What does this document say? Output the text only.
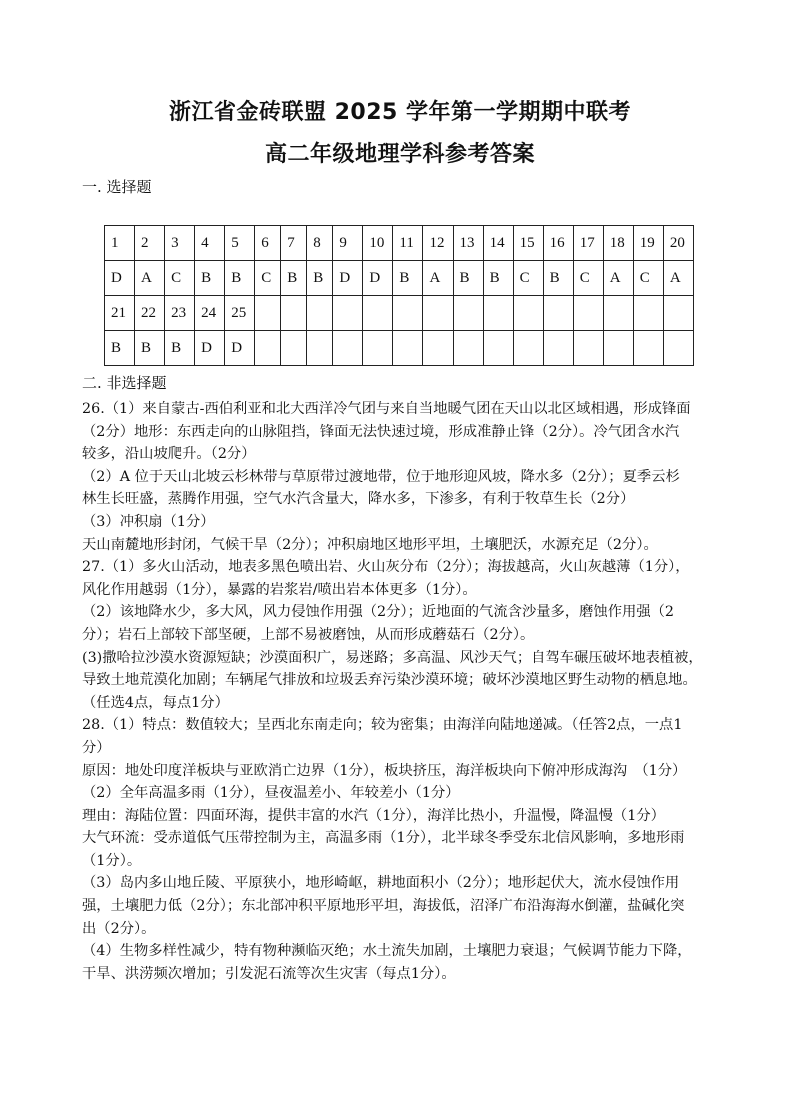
浙江省金砖联盟 2025 学年第一学期期中联考
高二年级地理学科参考答案
一. 选择题
1	2	3	4	5	6	7	8	9	10	11	12	13	14	15	16	17	18	19	20
D	A	C	B	B	C	B	B	D	D	B	A	B	B	C	B	C	A	C	A
21	22	23	24	25															
B	B	B	D	D															
二. 非选择题

26.（1）来自蒙古-西伯利亚和北大西洋冷气团与来自当地暖气团在天山以北区域相遇，形成锋面

（2分）地形：东西走向的山脉阻挡，锋面无法快速过境，形成准静止锋（2分）。冷气团含水汽

较多，沿山坡爬升。（2分）

（2）A 位于天山北坡云杉林带与草原带过渡地带，位于地形迎风坡，降水多（2分）；夏季云杉

林生长旺盛，蒸腾作用强，空气水汽含量大，降水多，下渗多，有利于牧草生长（2分）

（3）冲积扇（1分）

天山南麓地形封闭，气候干旱（2分）；冲积扇地区地形平坦，土壤肥沃，水源充足（2分）。

27.（1）多火山活动，地表多黑色喷出岩、火山灰分布（2分）；海拔越高，火山灰越薄（1分），

风化作用越弱（1分），暴露的岩浆岩/喷出岩本体更多（1分）。

（2）该地降水少，多大风，风力侵蚀作用强（2分）；近地面的气流含沙量多，磨蚀作用强（2

分）；岩石上部较下部坚硬，上部不易被磨蚀，从而形成蘑菇石（2分）。

(3)撒哈拉沙漠水资源短缺；沙漠面积广，易迷路；多高温、风沙天气；自驾车碾压破坏地表植被，

导致土地荒漠化加剧；车辆尾气排放和垃圾丢弃污染沙漠环境；破坏沙漠地区野生动物的栖息地。

（任选4点，每点1分）

28.（1）特点：数值较大；呈西北东南走向；较为密集；由海洋向陆地递减。（任答2点，一点1

分）

原因：地处印度洋板块与亚欧消亡边界（1分），板块挤压，海洋板块向下俯冲形成海沟　（1分）

（2）全年高温多雨（1分），昼夜温差小、年较差小（1分）

理由：海陆位置：四面环海，提供丰富的水汽（1分），海洋比热小，升温慢，降温慢（1分）

大气环流：受赤道低气压带控制为主，高温多雨（1分），北半球冬季受东北信风影响，多地形雨

（1分）。

（3）岛内多山地丘陵、平原狭小，地形崎岖，耕地面积小（2分）；地形起伏大，流水侵蚀作用

强，土壤肥力低（2分）；东北部冲积平原地形平坦，海拔低，沼泽广布沿海海水倒灌，盐碱化突

出（2分）。

（4）生物多样性减少，特有物种濒临灭绝；水土流失加剧，土壤肥力衰退；气候调节能力下降，

干旱、洪涝频次增加；引发泥石流等次生灾害（每点1分）。
